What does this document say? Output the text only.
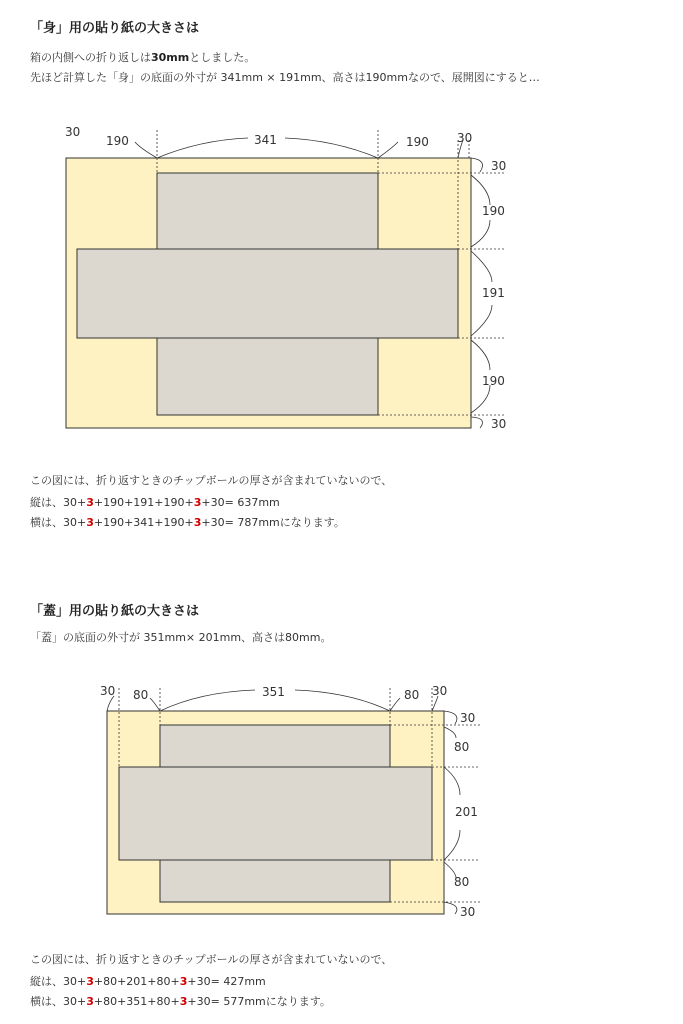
「身」用の貼り紙の大きさは

箱の内側への折り返しは30mmとしました。

先ほど計算した「身」の底面の外寸が 341mm × 191mm、高さは190mmなので、展開図にすると…

30
190	341	190 30
30
190
191
190
30

この図には、折り返すときのチップボールの厚さが含まれていないので、

縦は、30+3+190+191+190+3+30= 637mm

横は、30+3+190+341+190+3+30= 787mmになります。

「蓋」用の貼り紙の大きさは

「蓋」の底面の外寸が 351mm× 201mm、高さは80mm。

30 80	351	80 30
30
80
201
80
30

この図には、折り返すときのチップボールの厚さが含まれていないので、

縦は、30+3+80+201+80+3+30= 427mm

横は、30+3+80+351+80+3+30= 577mmになります。
